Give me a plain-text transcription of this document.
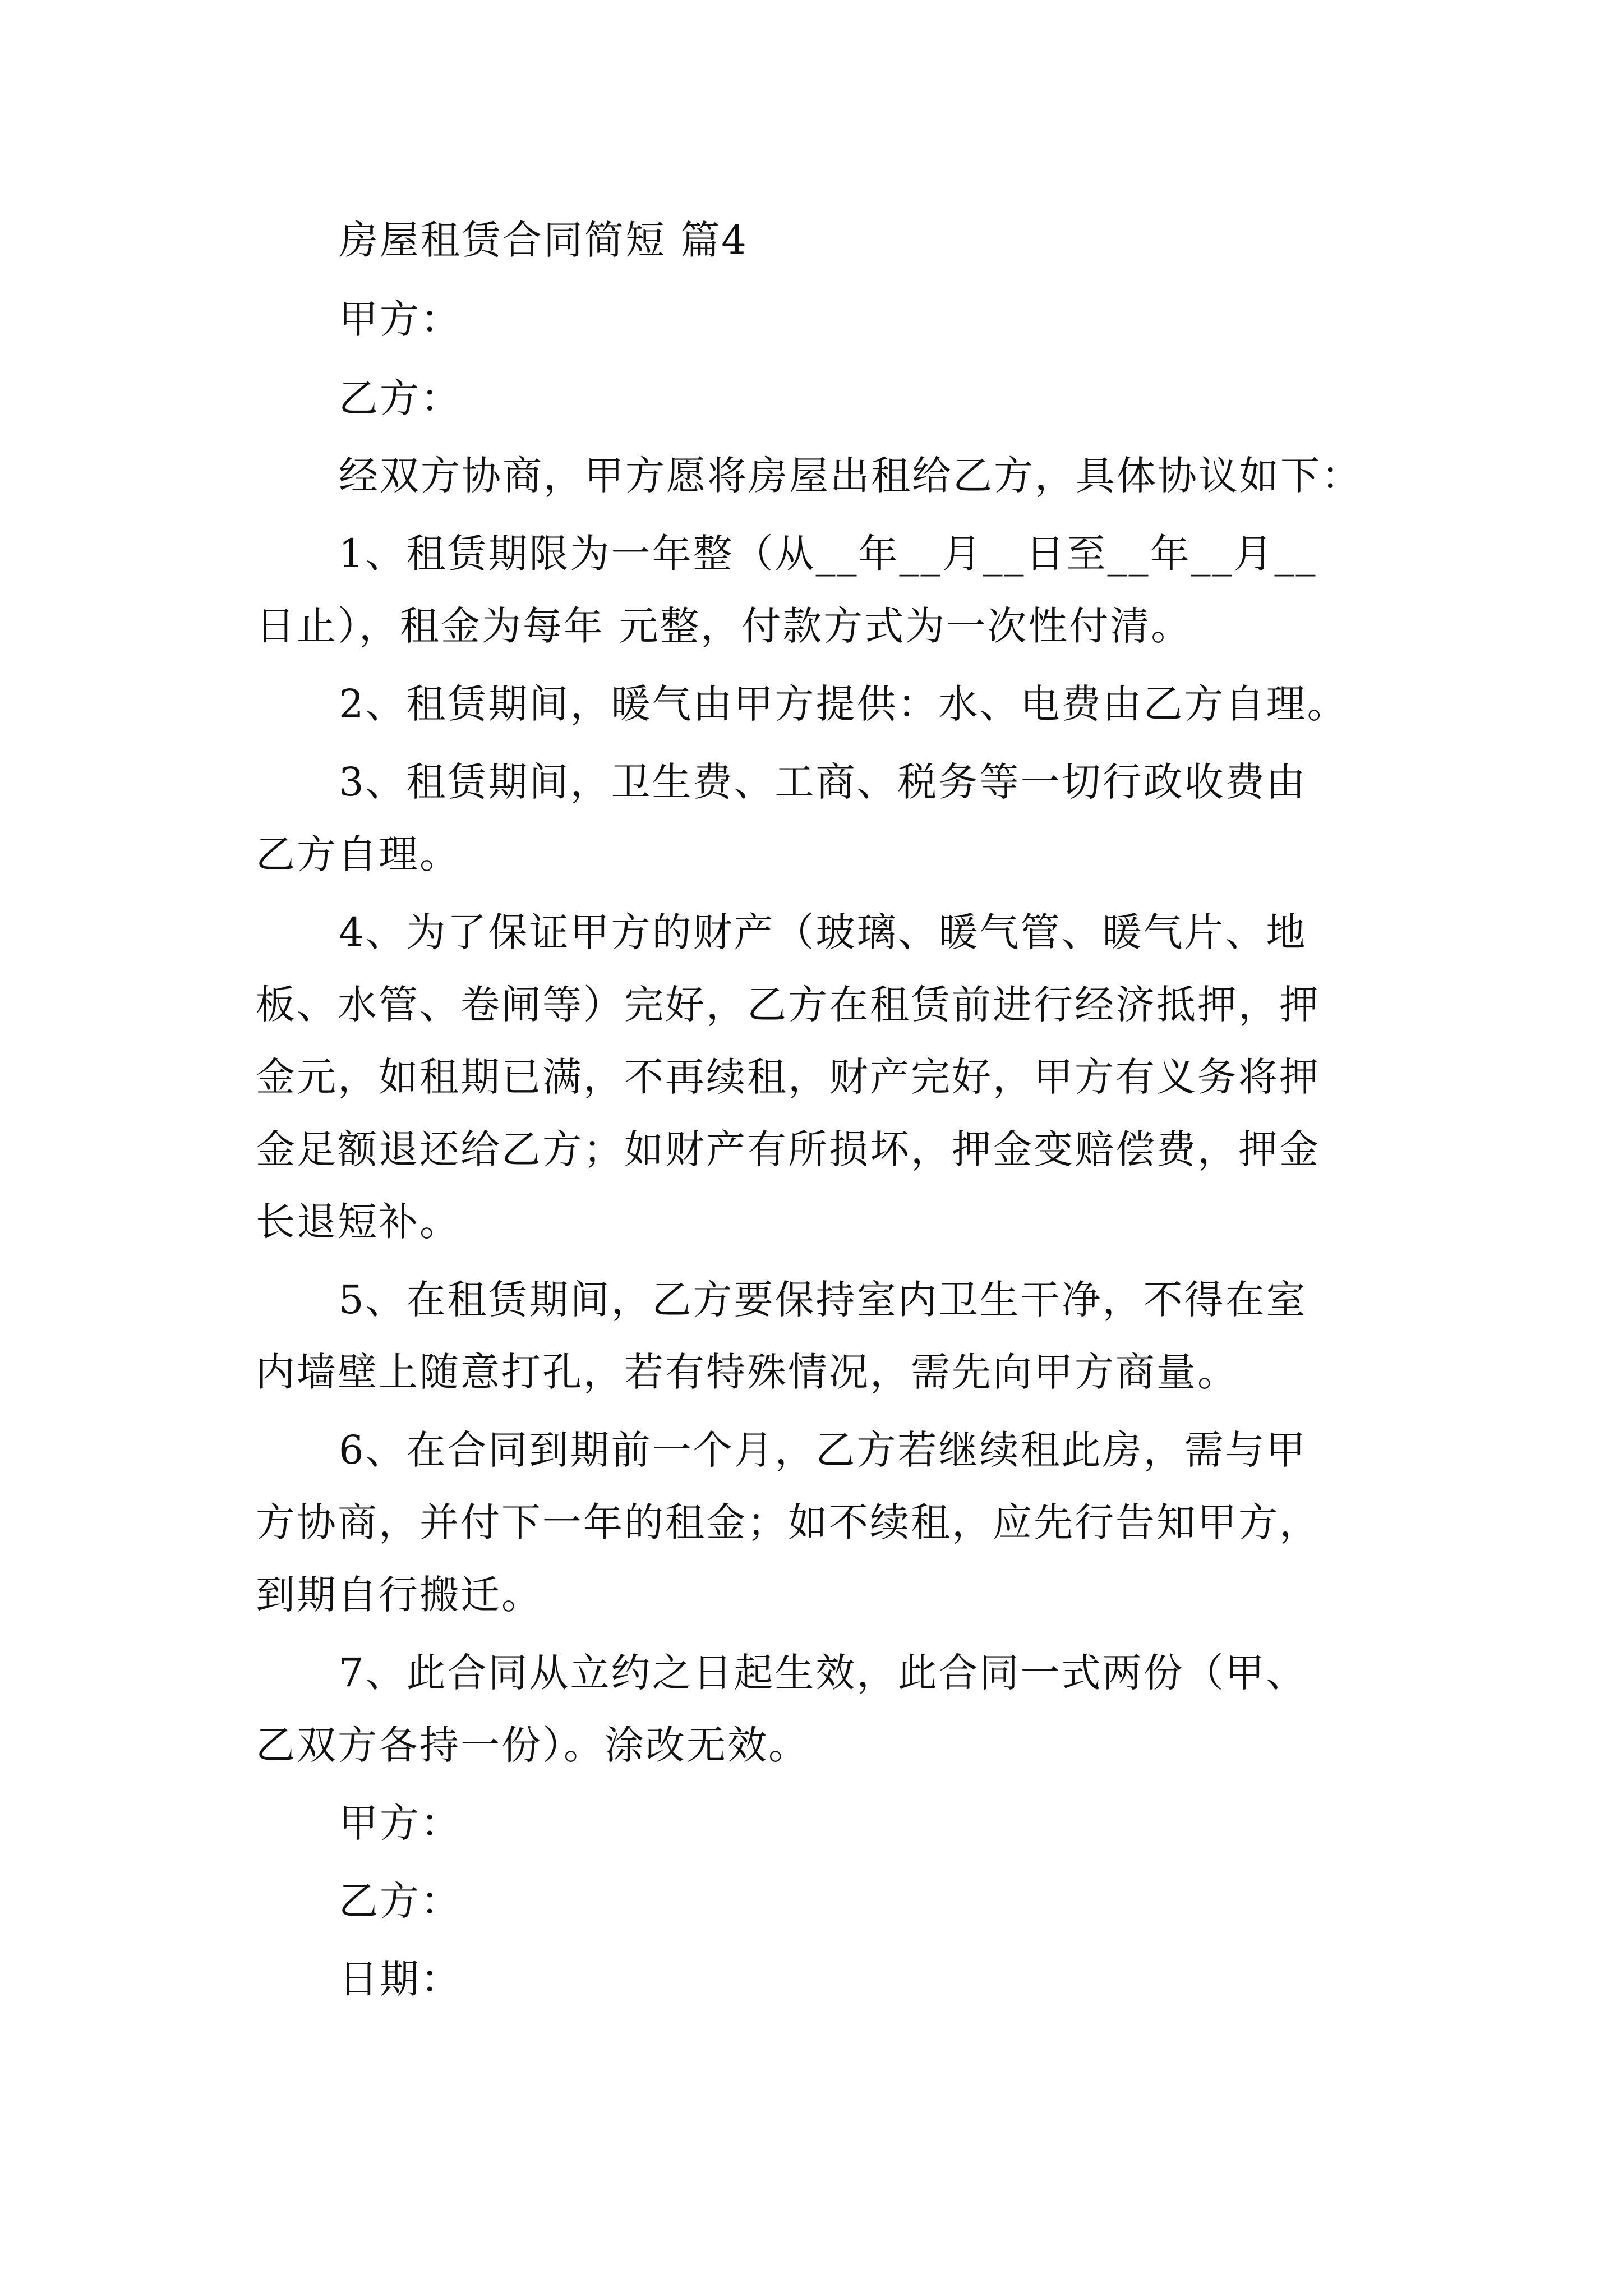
房屋租赁合同简短 篇4

甲方：

乙方：

经双方协商，甲方愿将房屋出租给乙方，具体协议如下：

1、租赁期限为一年整（从__年__月__日至__年__月__

日止），租金为每年 元整，付款方式为一次性付清。

2、租赁期间，暖气由甲方提供：水、电费由乙方自理。

3、租赁期间，卫生费、工商、税务等一切行政收费由

乙方自理。

4、为了保证甲方的财产（玻璃、暖气管、暖气片、地

板、水管、卷闸等）完好，乙方在租赁前进行经济抵押，押

金元，如租期已满，不再续租，财产完好，甲方有义务将押

金足额退还给乙方；如财产有所损坏，押金变赔偿费，押金

长退短补。

5、在租赁期间，乙方要保持室内卫生干净，不得在室

内墙壁上随意打孔，若有特殊情况，需先向甲方商量。

6、在合同到期前一个月，乙方若继续租此房，需与甲

方协商，并付下一年的租金；如不续租，应先行告知甲方，

到期自行搬迁。

7、此合同从立约之日起生效，此合同一式两份（甲、

乙双方各持一份）。涂改无效。

甲方：

乙方：

日期：
